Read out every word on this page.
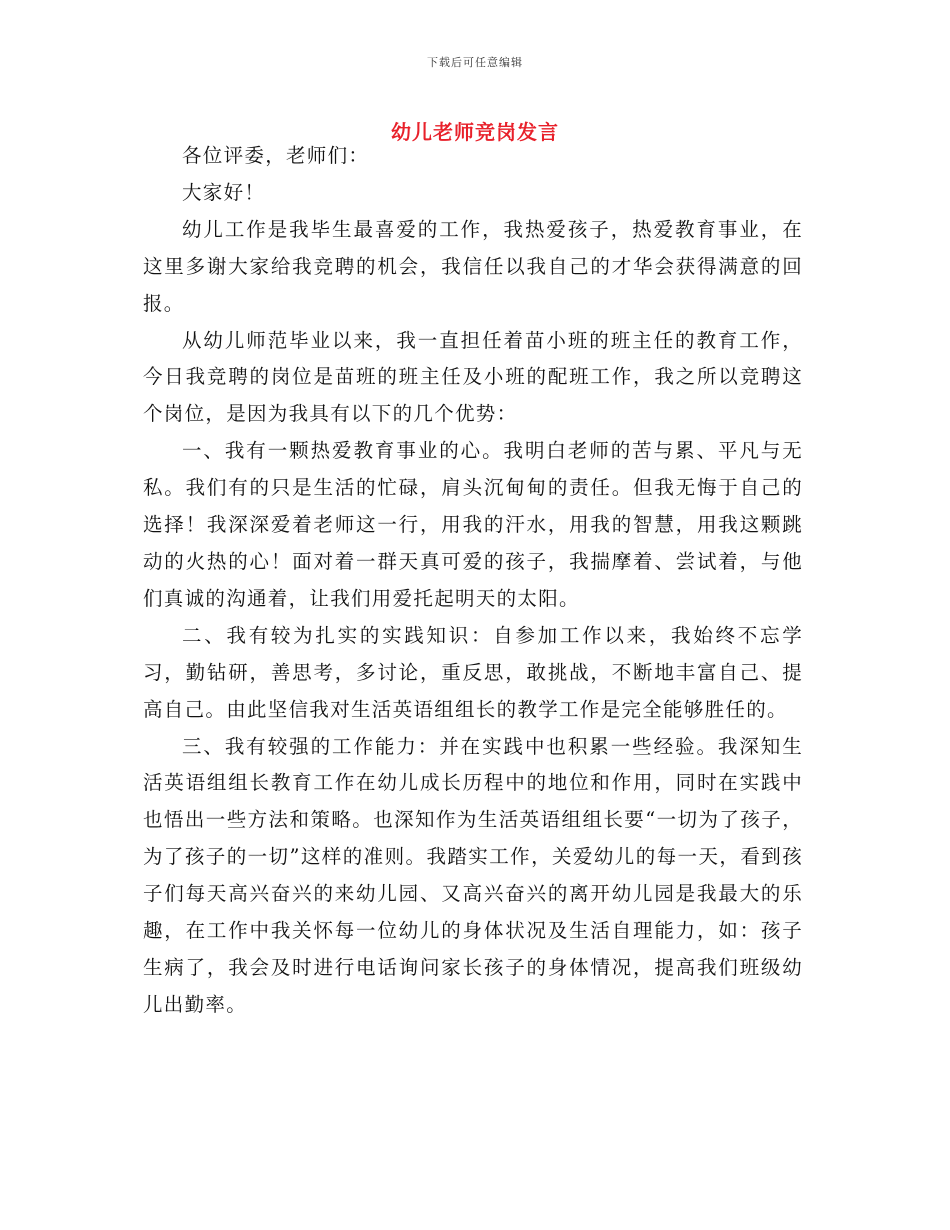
下载后可任意编辑
幼儿老师竞岗发言

各位评委，老师们：

大家好！

幼儿工作是我毕生最喜爱的工作，我热爱孩子，热爱教育事业，在这里多谢大家给我竞聘的机会，我信任以我自己的才华会获得满意的回报。

从幼儿师范毕业以来，我一直担任着苗小班的班主任的教育工作，今日我竞聘的岗位是苗班的班主任及小班的配班工作，我之所以竞聘这个岗位，是因为我具有以下的几个优势：

一、我有一颗热爱教育事业的心。我明白老师的苦与累、平凡与无私。我们有的只是生活的忙碌，肩头沉甸甸的责任。但我无悔于自己的选择！我深深爱着老师这一行，用我的汗水，用我的智慧，用我这颗跳动的火热的心！面对着一群天真可爱的孩子，我揣摩着、尝试着，与他们真诚的沟通着，让我们用爱托起明天的太阳。

二、我有较为扎实的实践知识：自参加工作以来，我始终不忘学习，勤钻研，善思考，多讨论，重反思，敢挑战，不断地丰富自己、提高自己。由此坚信我对生活英语组组长的教学工作是完全能够胜任的。

三、我有较强的工作能力：并在实践中也积累一些经验。我深知生活英语组组长教育工作在幼儿成长历程中的地位和作用，同时在实践中也悟出一些方法和策略。也深知作为生活英语组组长要“一切为了孩子，为了孩子的一切”这样的准则。我踏实工作，关爱幼儿的每一天，看到孩子们每天高兴奋兴的来幼儿园、又高兴奋兴的离开幼儿园是我最大的乐趣，在工作中我关怀每一位幼儿的身体状况及生活自理能力，如：孩子生病了，我会及时进行电话询问家长孩子的身体情况，提高我们班级幼儿出勤率。
